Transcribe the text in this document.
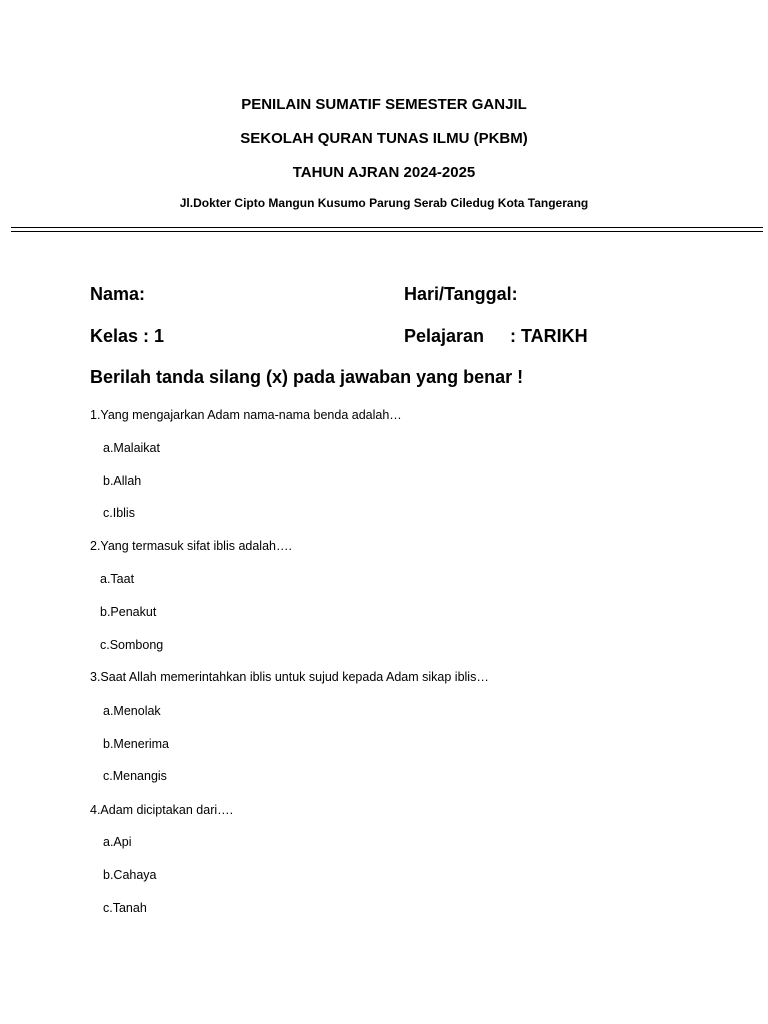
PENILAIN SUMATIF SEMESTER GANJIL
SEKOLAH QURAN TUNAS ILMU (PKBM)
TAHUN AJRAN 2024-2025
Jl.Dokter Cipto Mangun Kusumo Parung Serab Ciledug Kota Tangerang
Nama:	Hari/Tanggal:
Kelas : 1	Pelajaran : TARIKH
Berilah tanda silang (x) pada jawaban yang benar !
1.Yang mengajarkan Adam nama-nama benda adalah…
a.Malaikat
b.Allah
c.Iblis
2.Yang termasuk sifat iblis adalah….
a.Taat
b.Penakut
c.Sombong
3.Saat Allah memerintahkan iblis untuk sujud kepada Adam sikap iblis…
a.Menolak
b.Menerima
c.Menangis
4.Adam diciptakan dari….
a.Api
b.Cahaya
c.Tanah
